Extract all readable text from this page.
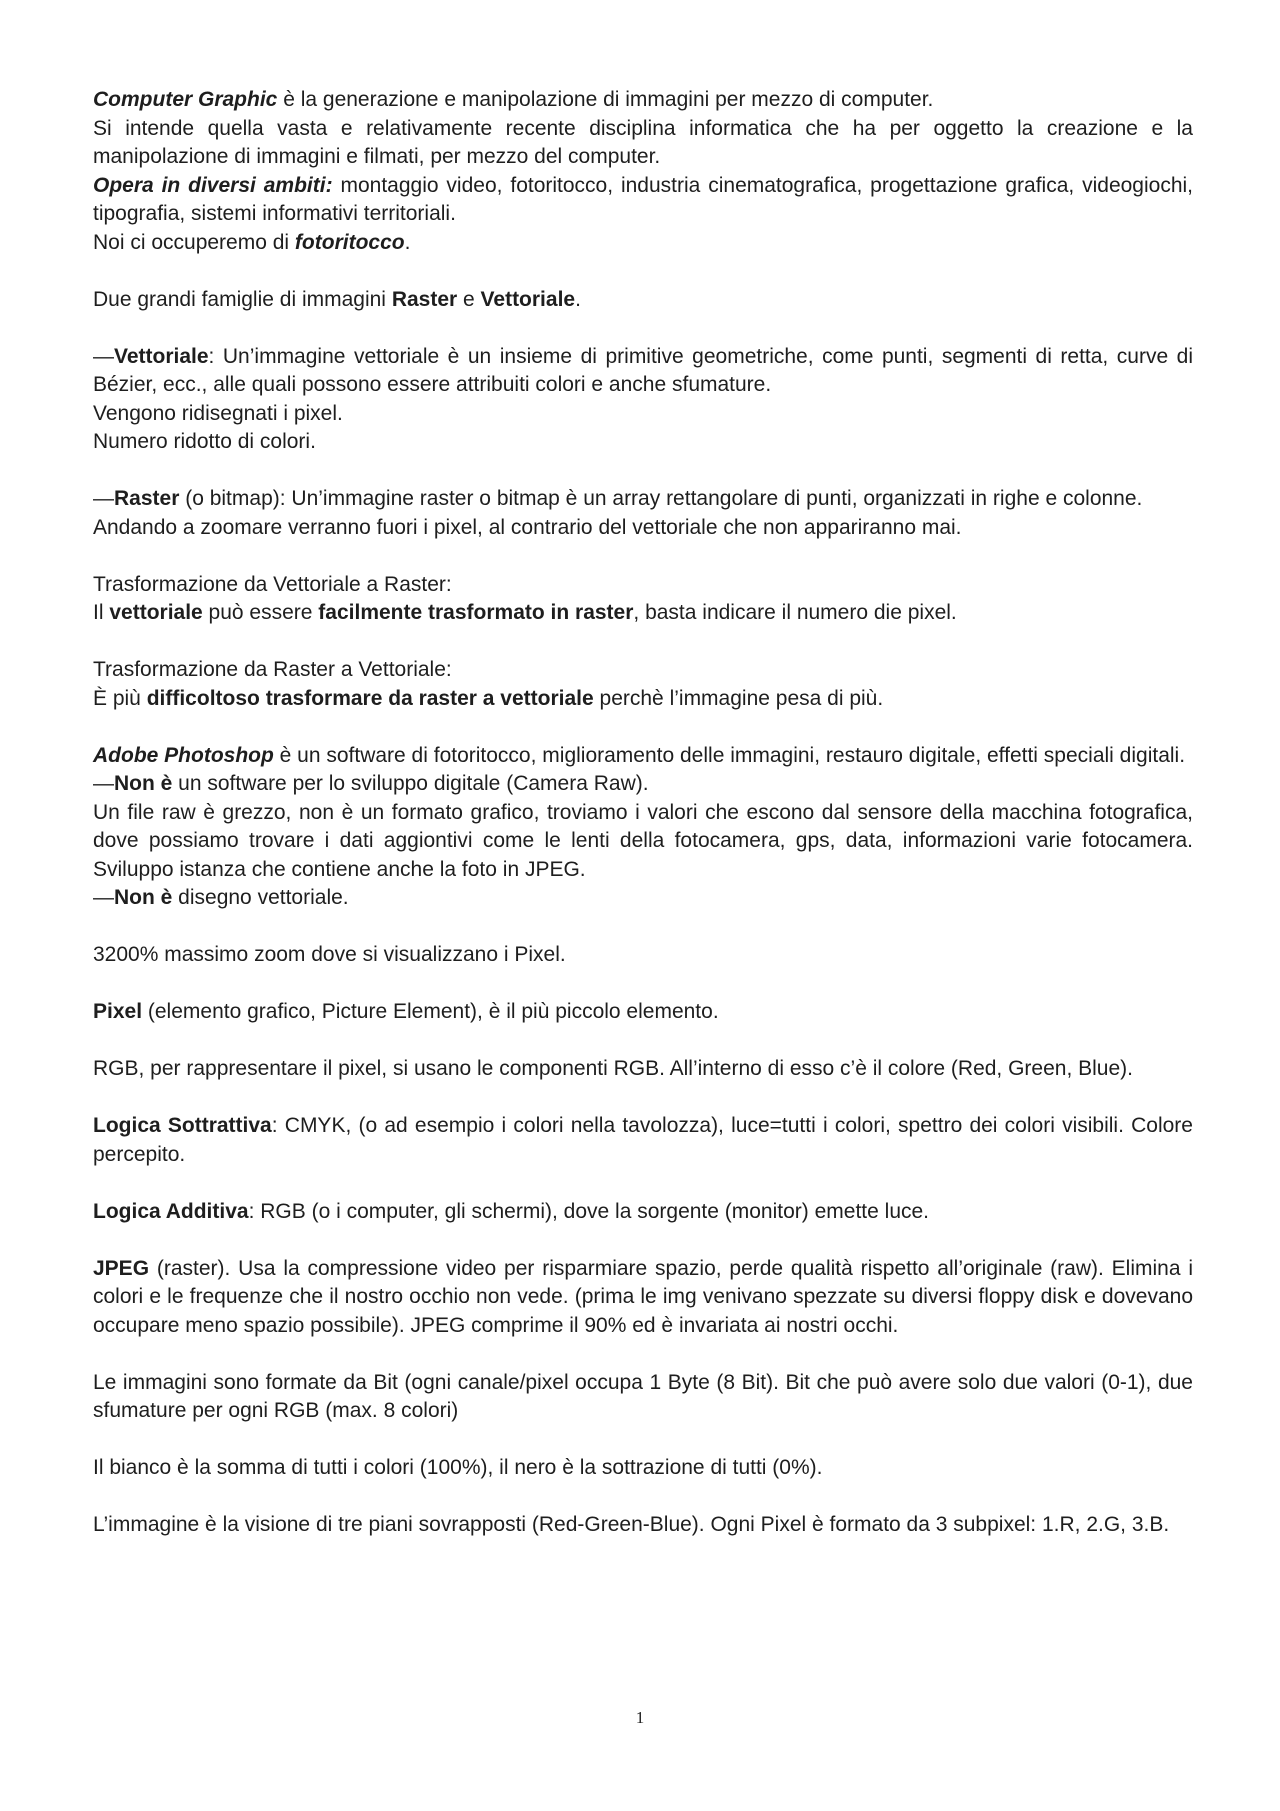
Computer Graphic è la generazione e manipolazione di immagini per mezzo di computer.

Si intende quella vasta e relativamente recente disciplina informatica che ha per oggetto la creazione e la manipolazione di immagini e filmati, per mezzo del computer.

Opera in diversi ambiti: montaggio video, fotoritocco, industria cinematografica, progettazione grafica, videogiochi, tipografia, sistemi informativi territoriali.

Noi ci occuperemo di fotoritocco.

Due grandi famiglie di immagini Raster e Vettoriale.

—Vettoriale: Un’immagine vettoriale è un insieme di primitive geometriche, come punti, segmenti di retta, curve di Bézier, ecc., alle quali possono essere attribuiti colori e anche sfumature.

Vengono ridisegnati i pixel.

Numero ridotto di colori.

—Raster (o bitmap): Un’immagine raster o bitmap è un array rettangolare di punti, organizzati in righe e colonne.

Andando a zoomare verranno fuori i pixel, al contrario del vettoriale che non appariranno mai.

Trasformazione da Vettoriale a Raster:

Il vettoriale può essere facilmente trasformato in raster, basta indicare il numero die pixel.

Trasformazione da Raster a Vettoriale:

È più difficoltoso trasformare da raster a vettoriale perchè l’immagine pesa di più.

Adobe Photoshop è un software di fotoritocco, miglioramento delle immagini, restauro digitale, effetti speciali digitali.

—Non è un software per lo sviluppo digitale (Camera Raw).

Un file raw è grezzo, non è un formato grafico, troviamo i valori che escono dal sensore della macchina fotografica, dove possiamo trovare i dati aggiontivi come le lenti della fotocamera, gps, data, informazioni varie fotocamera. Sviluppo istanza che contiene anche la foto in JPEG.

—Non è disegno vettoriale.

3200% massimo zoom dove si visualizzano i Pixel.

Pixel (elemento grafico, Picture Element), è il più piccolo elemento.

RGB, per rappresentare il pixel, si usano le componenti RGB. All’interno di esso c’è il colore (Red, Green, Blue).

Logica Sottrattiva: CMYK, (o ad esempio i colori nella tavolozza), luce=tutti i colori, spettro dei colori visibili. Colore percepito.

Logica Additiva: RGB (o i computer, gli schermi), dove la sorgente (monitor) emette luce.

JPEG (raster). Usa la compressione video per risparmiare spazio, perde qualità rispetto all’originale (raw). Elimina i colori e le frequenze che il nostro occhio non vede. (prima le img venivano spezzate su diversi floppy disk e dovevano occupare meno spazio possibile). JPEG comprime il 90% ed è invariata ai nostri occhi.

Le immagini sono formate da Bit (ogni canale/pixel occupa 1 Byte (8 Bit). Bit che può avere solo due valori (0-1), due sfumature per ogni RGB (max. 8 colori)

Il bianco è la somma di tutti i colori (100%), il nero è la sottrazione di tutti (0%).

L’immagine è la visione di tre piani sovrapposti (Red-Green-Blue). Ogni Pixel è formato da 3 subpixel: 1.R, 2.G, 3.B.

1
